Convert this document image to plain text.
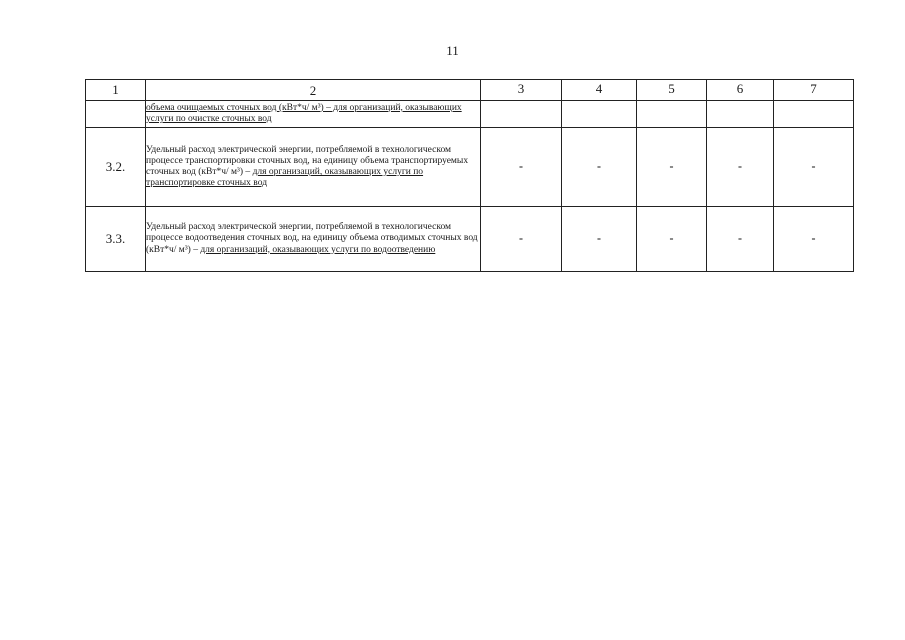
11
1	2	3	4	5	6	7
	объема очищаемых сточных вод (кВт*ч/ м³) – для организаций, оказывающих услуги по очистке сточных вод					
3.2.	Удельный расход электрической энергии, потребляемой в технологическом процессе транспортировки сточных вод, на единицу объема транспортируемых сточных вод (кВт*ч/ м³) – для организаций, оказывающих услуги по транспортировке сточных вод	-	-	-	-	-
3.3.	Удельный расход электрической энергии, потребляемой в технологическом процессе водоотведения сточных вод, на единицу объема отводимых сточных вод (кВт*ч/ м³) – для организаций, оказывающих услуги по водоотведению	-	-	-	-	-
